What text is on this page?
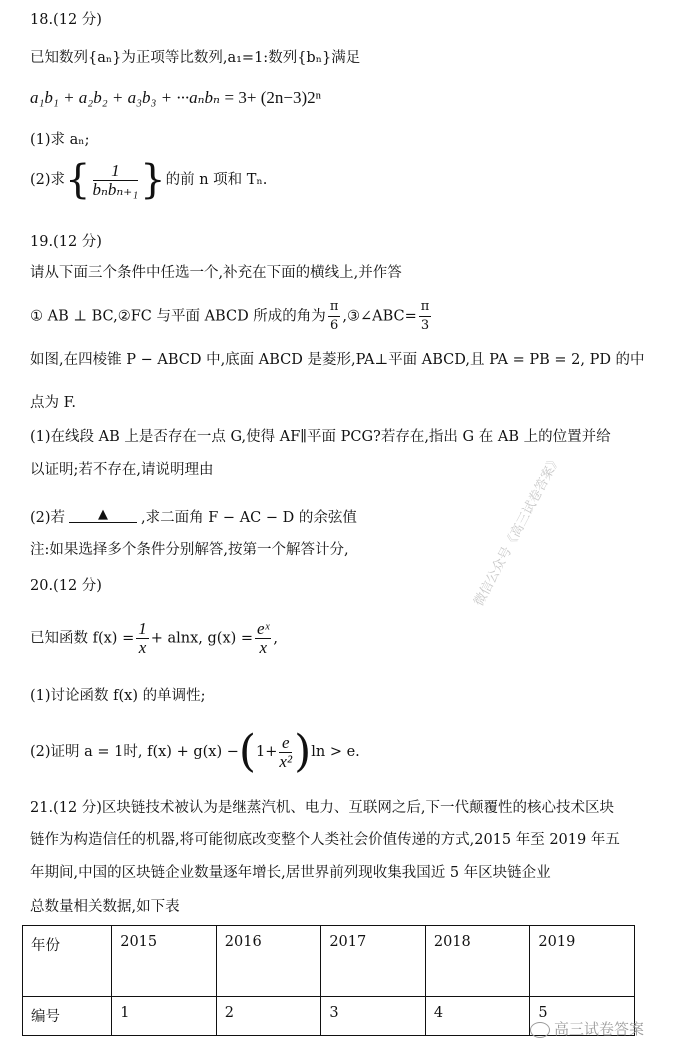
18.(12 分)
已知数列{aₙ}为正项等比数列,a₁=1:数列{bₙ}满足
a₁b₁ + a₂b₂ + a₃b₃ + ···aₙbₙ = 3+ (2n−3)2ⁿ
(1)求 aₙ;
(2)求{ $\frac{1}{\text{bₙbₙ₊₁}}$ }的前 n 项和 Tₙ.
19.(12 分)
请从下面三个条件中任选一个,补充在下面的横线上,并作答
① AB ⊥ BC,②FC 与平面 ABCD 所成的角为 $\frac{\pi}{6}$ ,③∠ABC= $\frac{\pi}{3}$
如图,在四棱锥 P − ABCD 中,底面 ABCD 是菱形,PA⊥平面 ABCD,且 PA = PB = 2, PD 的中
点为 F.
(1)在线段 AB 上是否存在一点 G,使得 AF∥平面 PCG?若存在,指出 G 在 AB 上的位置并给
以证明;若不存在,请说明理由
(2)若	▲ ,求二面角 F − AC − D 的余弦值
注:如果选择多个条件分别解答,按第一个解答计分,
20.(12 分)
已知函数 $f(x) = \frac{1}{x} + alnx$, $g(x) = \frac{\text{eˣ}}{x}$ ,
(1)讨论函数 f(x) 的单调性;
(2)证明 a = 1时, $f(x) + g(x) -(1+ \frac{e}{\text{x²}} )\ln > e$.
21.(12 分)区块链技术被认为是继蒸汽机、电力、互联网之后,下一代颠覆性的核心技术区块
链作为构造信任的机器,将可能彻底改变整个人类社会价值传递的方式,2015 年至 2019 年五
年期间,中国的区块链企业数量逐年增长,居世界前列现收集我国近 5 年区块链企业
总数量相关数据,如下表
年份	2015	2016	2017	2018	2019
编号	1	2	3	4	5
微信公众号《高三试卷答案》
高三试卷答案
